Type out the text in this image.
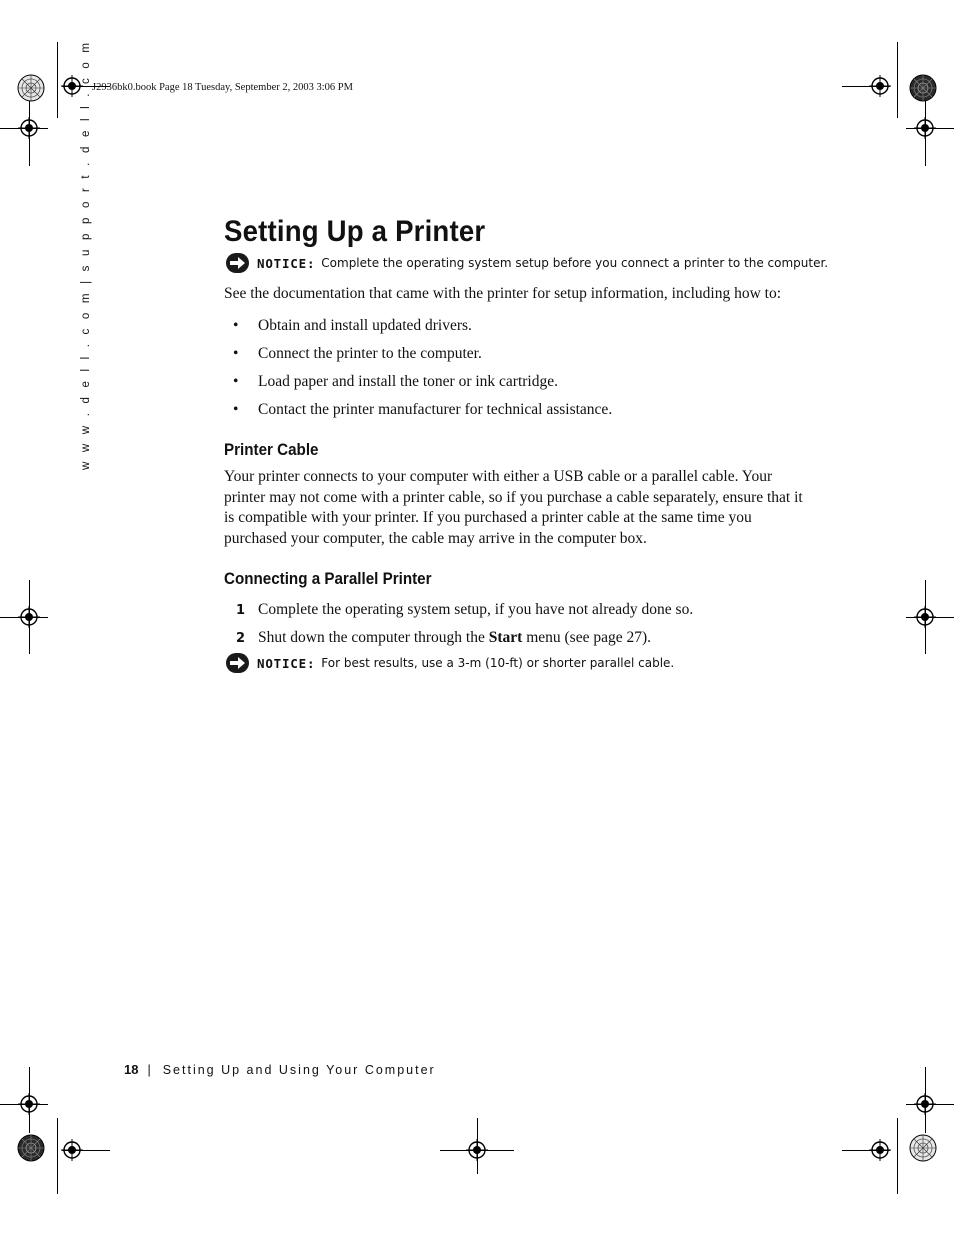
J2936bk0.book Page 18 Tuesday, September 2, 2003 3:06 PM
w w w . d e l l . c o m | s u p p o r t . d e l l . c o m	Setting Up a Printer
NOTICE: Complete the operating system setup before you connect a printer to the computer.
See the documentation that came with the printer for setup information, including how to:
• Obtain and install updated drivers.
• Connect the printer to the computer.
• Load paper and install the toner or ink cartridge.
• Contact the printer manufacturer for technical assistance.
Printer Cable
Your printer connects to your computer with either a USB cable or a parallel cable. Your printer may not come with a printer cable, so if you purchase a cable separately, ensure that it is compatible with your printer. If you purchased a printer cable at the same time you purchased your computer, the cable may arrive in the computer box.
Connecting a Parallel Printer
1 Complete the operating system setup, if you have not already done so.
2 Shut down the computer through the Start menu (see page 27).
NOTICE: For best results, use a 3-m (10-ft) or shorter parallel cable.
18 | Setting Up and Using Your Computer
